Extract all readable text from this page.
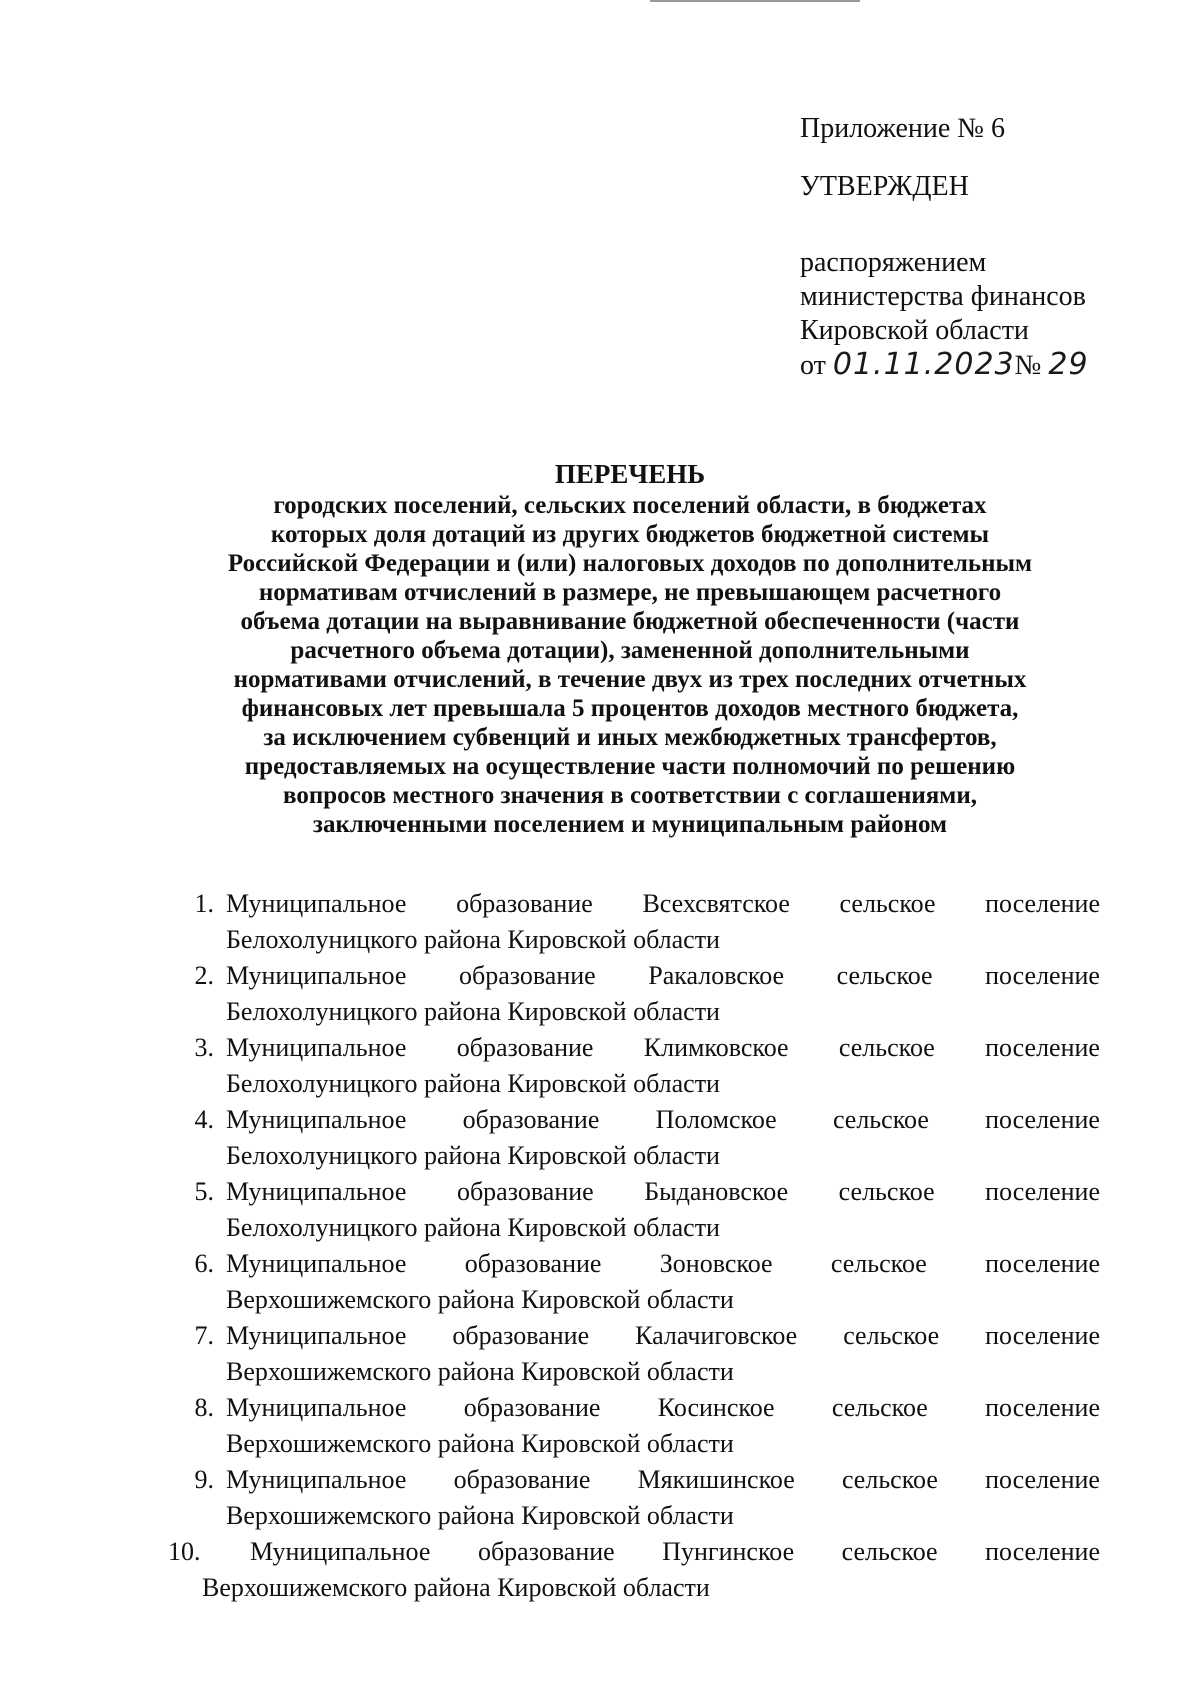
Приложение № 6
УТВЕРЖДЕН
распоряжением
министерства финансов
Кировской области
от 01.11.2023№ 29
ПЕРЕЧЕНЬ
городских поселений, сельских поселений области, в бюджетах
которых доля дотаций из других бюджетов бюджетной системы
Российской Федерации и (или) налоговых доходов по дополнительным
нормативам отчислений в размере, не превышающем расчетного
объема дотации на выравнивание бюджетной обеспеченности (части
расчетного объема дотации), замененной дополнительными
нормативами отчислений, в течение двух из трех последних отчетных
финансовых лет превышала 5 процентов доходов местного бюджета,
за исключением субвенций и иных межбюджетных трансфертов,
предоставляемых на осуществление части полномочий по решению
вопросов местного значения в соответствии с соглашениями,
заключенными поселением и муниципальным районом
1. Муниципальное образование Всехсвятское сельское поселение
Белохолуницкого района Кировской области
2. Муниципальное образование Ракаловское сельское поселение
Белохолуницкого района Кировской области
3. Муниципальное образование Климковское сельское поселение
Белохолуницкого района Кировской области
4. Муниципальное образование Поломское сельское поселение
Белохолуницкого района Кировской области
5. Муниципальное образование Быдановское сельское поселение
Белохолуницкого района Кировской области
6. Муниципальное образование Зоновское сельское поселение
Верхошижемского района Кировской области
7. Муниципальное образование Калачиговское сельское поселение
Верхошижемского района Кировской области
8. Муниципальное образование Косинское сельское поселение
Верхошижемского района Кировской области
9. Муниципальное образование Мякишинское сельское поселение
Верхошижемского района Кировской области
10.	Муниципальное образование Пунгинское сельское поселение
Верхошижемского района Кировской области
